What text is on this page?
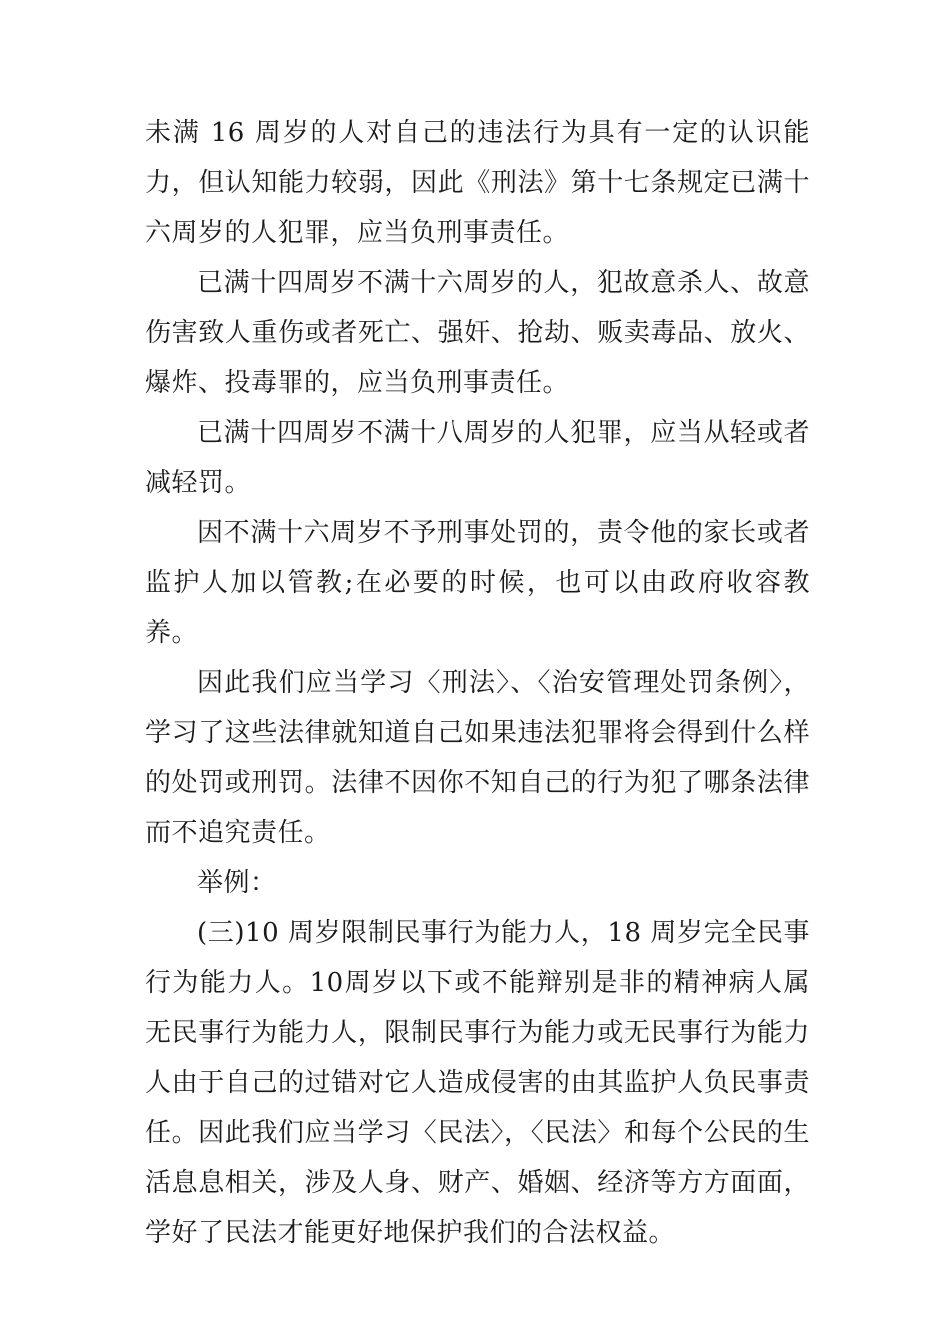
未满 16 周岁的人对自己的违法行为具有一定的认识能力，但认知能力较弱，因此《刑法》第十七条规定已满十六周岁的人犯罪，应当负刑事责任。

已满十四周岁不满十六周岁的人，犯故意杀人、故意伤害致人重伤或者死亡、强奸、抢劫、贩卖毒品、放火、爆炸、投毒罪的，应当负刑事责任。

已满十四周岁不满十八周岁的人犯罪，应当从轻或者减轻罚。

因不满十六周岁不予刑事处罚的，责令他的家长或者监护人加以管教;在必要的时候，也可以由政府收容教养。

因此我们应当学习〈刑法〉、〈治安管理处罚条例〉，学习了这些法律就知道自己如果违法犯罪将会得到什么样的处罚或刑罚。法律不因你不知自己的行为犯了哪条法律而不追究责任。

举例：

(三)10 周岁限制民事行为能力人，18 周岁完全民事行为能力人。10周岁以下或不能辩别是非的精神病人属无民事行为能力人，限制民事行为能力或无民事行为能力人由于自己的过错对它人造成侵害的由其监护人负民事责任。因此我们应当学习〈民法〉，〈民法〉和每个公民的生活息息相关，涉及人身、财产、婚姻、经济等方方面面，学好了民法才能更好地保护我们的合法权益。
